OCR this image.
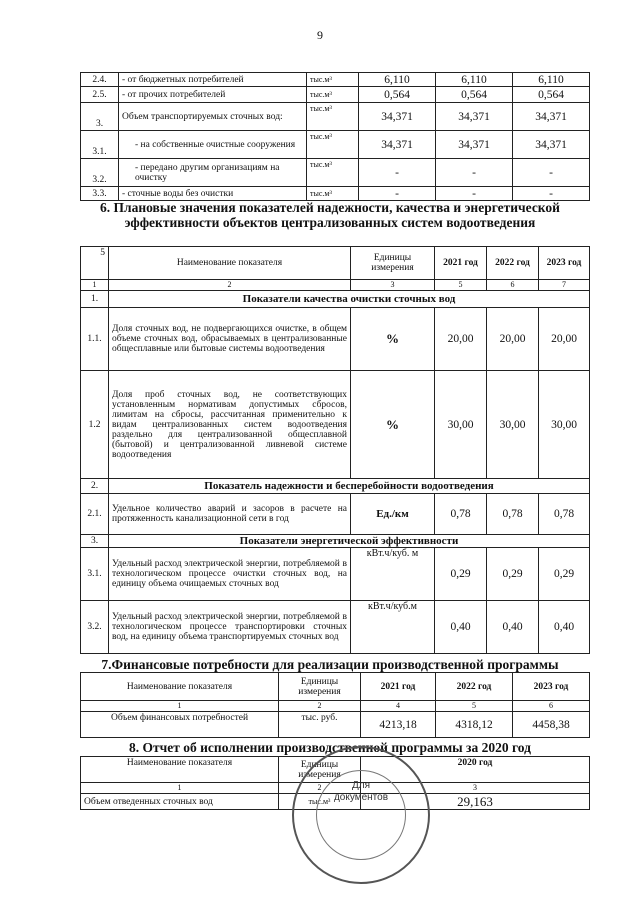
9
2.4.	- от бюджетных потребителей	тыс.м³	6,110	6,110	6,110
2.5.	- от прочих потребителей	тыс.м³	0,564	0,564	0,564
3.	Объем транспортируемых сточных вод:	тыс.м³	34,371	34,371	34,371
3.1.	- на собственные очистные сооружения	тыс.м³	34,371	34,371	34,371
3.2.	- передано другим организациям на очистку	тыс.м³	-	-	-
3.3.	- сточные воды без очистки	тыс.м³	-	-	-
6. Плановые значения показателей надежности, качества и энергетической эффективности объектов централизованных систем водоотведения
5	Наименование показателя	Единицы измерения	2021 год	2022 год	2023 год
1	2	3	5	6	7
1.	Показатели качества очистки сточных вод				
1.1.	Доля сточных вод, не подвергающихся очистке, в общем объеме сточных вод, обрасываемых в централизованные общесплавные или бытовые системы водоотведения	%	20,00	20,00	20,00
1.2	Доля проб сточных вод, не соответствующих установленным нормативам допустимых сбросов, лимитам на сбросы, рассчитанная применительно к видам централизованных систем водоотведения раздельно для централизованной общесплавной (бытовой) и централизованной ливневой системе водоотведения	%	30,00	30,00	30,00
2.	Показатель надежности и бесперебойности водоотведения				
2.1.	Удельное количество аварий и засоров в расчете на протяженность канализационной сети в год	Ед./км	0,78	0,78	0,78
3.	Показатели энергетической эффективности				
3.1.	Удельный расход электрической энергии, потребляемой в технологическом процессе очистки сточных вод, на единицу объема очищаемых сточных вод	кВт.ч/куб. м	0,29	0,29	0,29
3.2.	Удельный расход электрической энергии, потребляемой в технологическом процессе транспортировки сточных вод, на единицу объема транспортируемых сточных вод	кВт.ч/куб.м	0,40	0,40	0,40
7.Финансовые потребности для реализации производственной программы
Наименование показателя	Единицы измерения	2021 год	2022 год	2023 год
1	2	4	5	6
Объем финансовых потребностей	тыс. руб.	4213,18	4318,12	4458,38
8. Отчет об исполнении производственной программы за 2020 год
Наименование показателя	Единицы измерения	2020 год
1	2	3
Объем отведенных сточных вод	тыс.м³	29,163
Для
документов
